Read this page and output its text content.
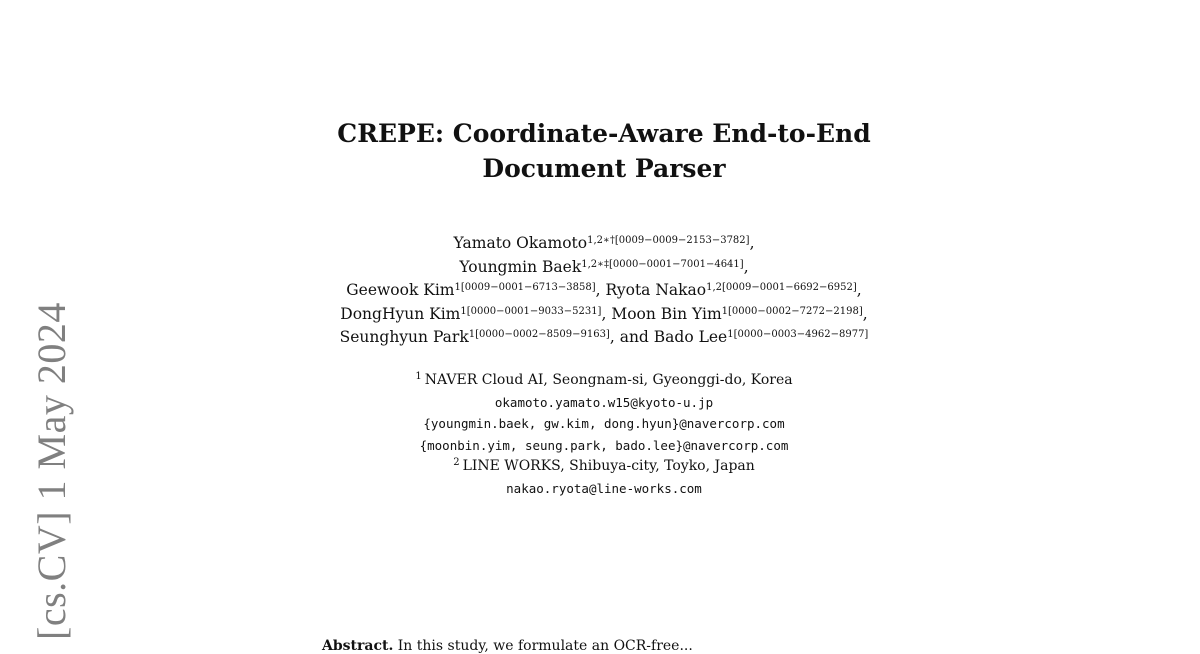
[cs.CV] 1 May 2024
CREPE: Coordinate-Aware End-to-End
Document Parser
Yamato Okamoto$^{1,2∗\dagger[0009-0009-2153-3782]}$,
Youngmin Baek$^{1,2∗\ddagger[0000-0001-7001-4641]}$,
Geewook Kim$^{1[0009-0001-6713-3858]}$, Ryota Nakao$^{1,2[0009-0001-6692-6952]}$,
DongHyun Kim$^{1[0000-0001-9033-5231]}$, Moon Bin Yim$^{1[0000-0002-7272-2198]}$,
Seunghyun Park$^{1[0000-0002-8509-9163]}$, and Bado Lee$^{1[0000-0003-4962-8977]}$
$^1$ NAVER Cloud AI, Seongnam-si, Gyeonggi-do, Korea
okamoto.yamato.w15@kyoto-u.jp
{youngmin.baek, gw.kim, dong.hyun}@navercorp.com
{moonbin.yim, seung.park, bado.lee}@navercorp.com
$^2$ LINE WORKS, Shibuya-city, Toyko, Japan
nakao.ryota@line-works.com
Abstract. In this study, we formulate an OCR-free...
